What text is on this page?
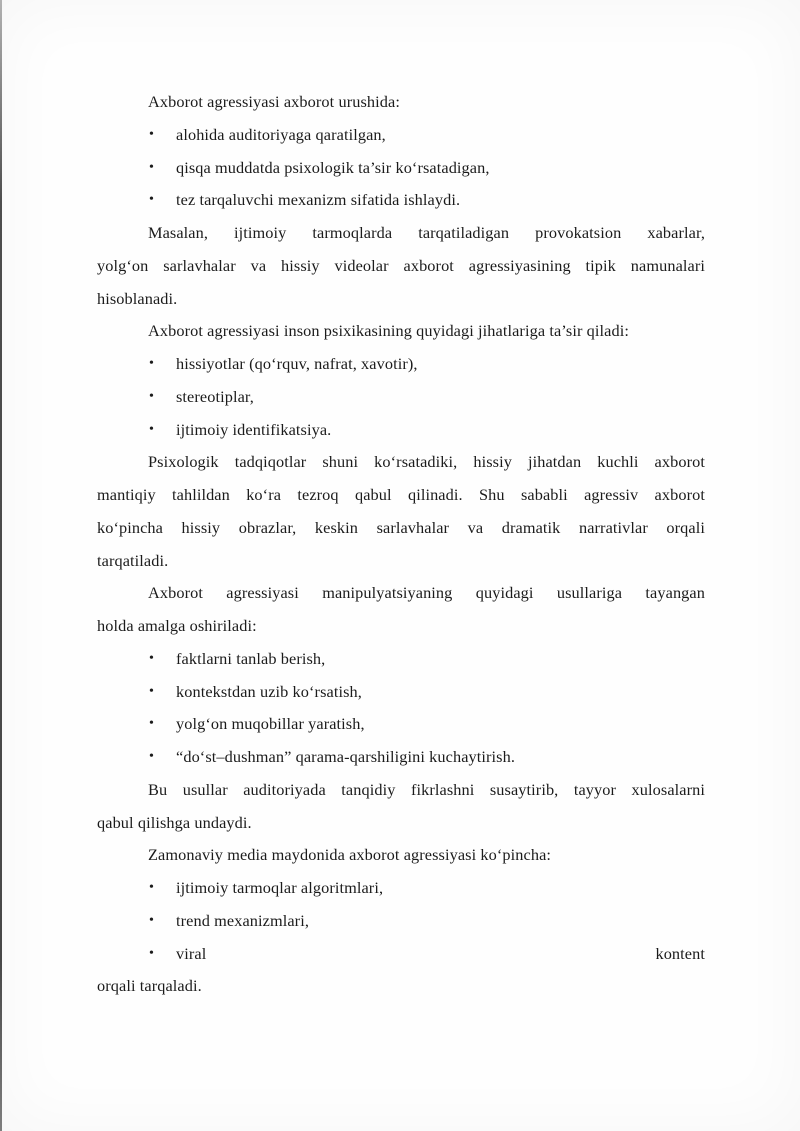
Axborot agressiyasi axborot urushida:
• alohida auditoriyaga qaratilgan,
• qisqa muddatda psixologik ta’sir ko‘rsatadigan,
• tez tarqaluvchi mexanizm sifatida ishlaydi.
Masalan, ijtimoiy tarmoqlarda tarqatiladigan provokatsion xabarlar,
yolg‘on sarlavhalar va hissiy videolar axborot agressiyasining tipik namunalari
hisoblanadi.
Axborot agressiyasi inson psixikasining quyidagi jihatlariga ta’sir qiladi:
• hissiyotlar (qo‘rquv, nafrat, xavotir),
• stereotiplar,
• ijtimoiy identifikatsiya.
Psixologik tadqiqotlar shuni ko‘rsatadiki, hissiy jihatdan kuchli axborot
mantiqiy tahlildan ko‘ra tezroq qabul qilinadi. Shu sababli agressiv axborot
ko‘pincha hissiy obrazlar, keskin sarlavhalar va dramatik narrativlar orqali
tarqatiladi.
Axborot agressiyasi manipulyatsiyaning quyidagi usullariga tayangan
holda amalga oshiriladi:
• faktlarni tanlab berish,
• kontekstdan uzib ko‘rsatish,
• yolg‘on muqobillar yaratish,
• “do‘st–dushman” qarama-qarshiligini kuchaytirish.
Bu usullar auditoriyada tanqidiy fikrlashni susaytirib, tayyor xulosalarni
qabul qilishga undaydi.
Zamonaviy media maydonida axborot agressiyasi ko‘pincha:
• ijtimoiy tarmoqlar algoritmlari,
• trend mexanizmlari,
• viral	kontent
orqali tarqaladi.
